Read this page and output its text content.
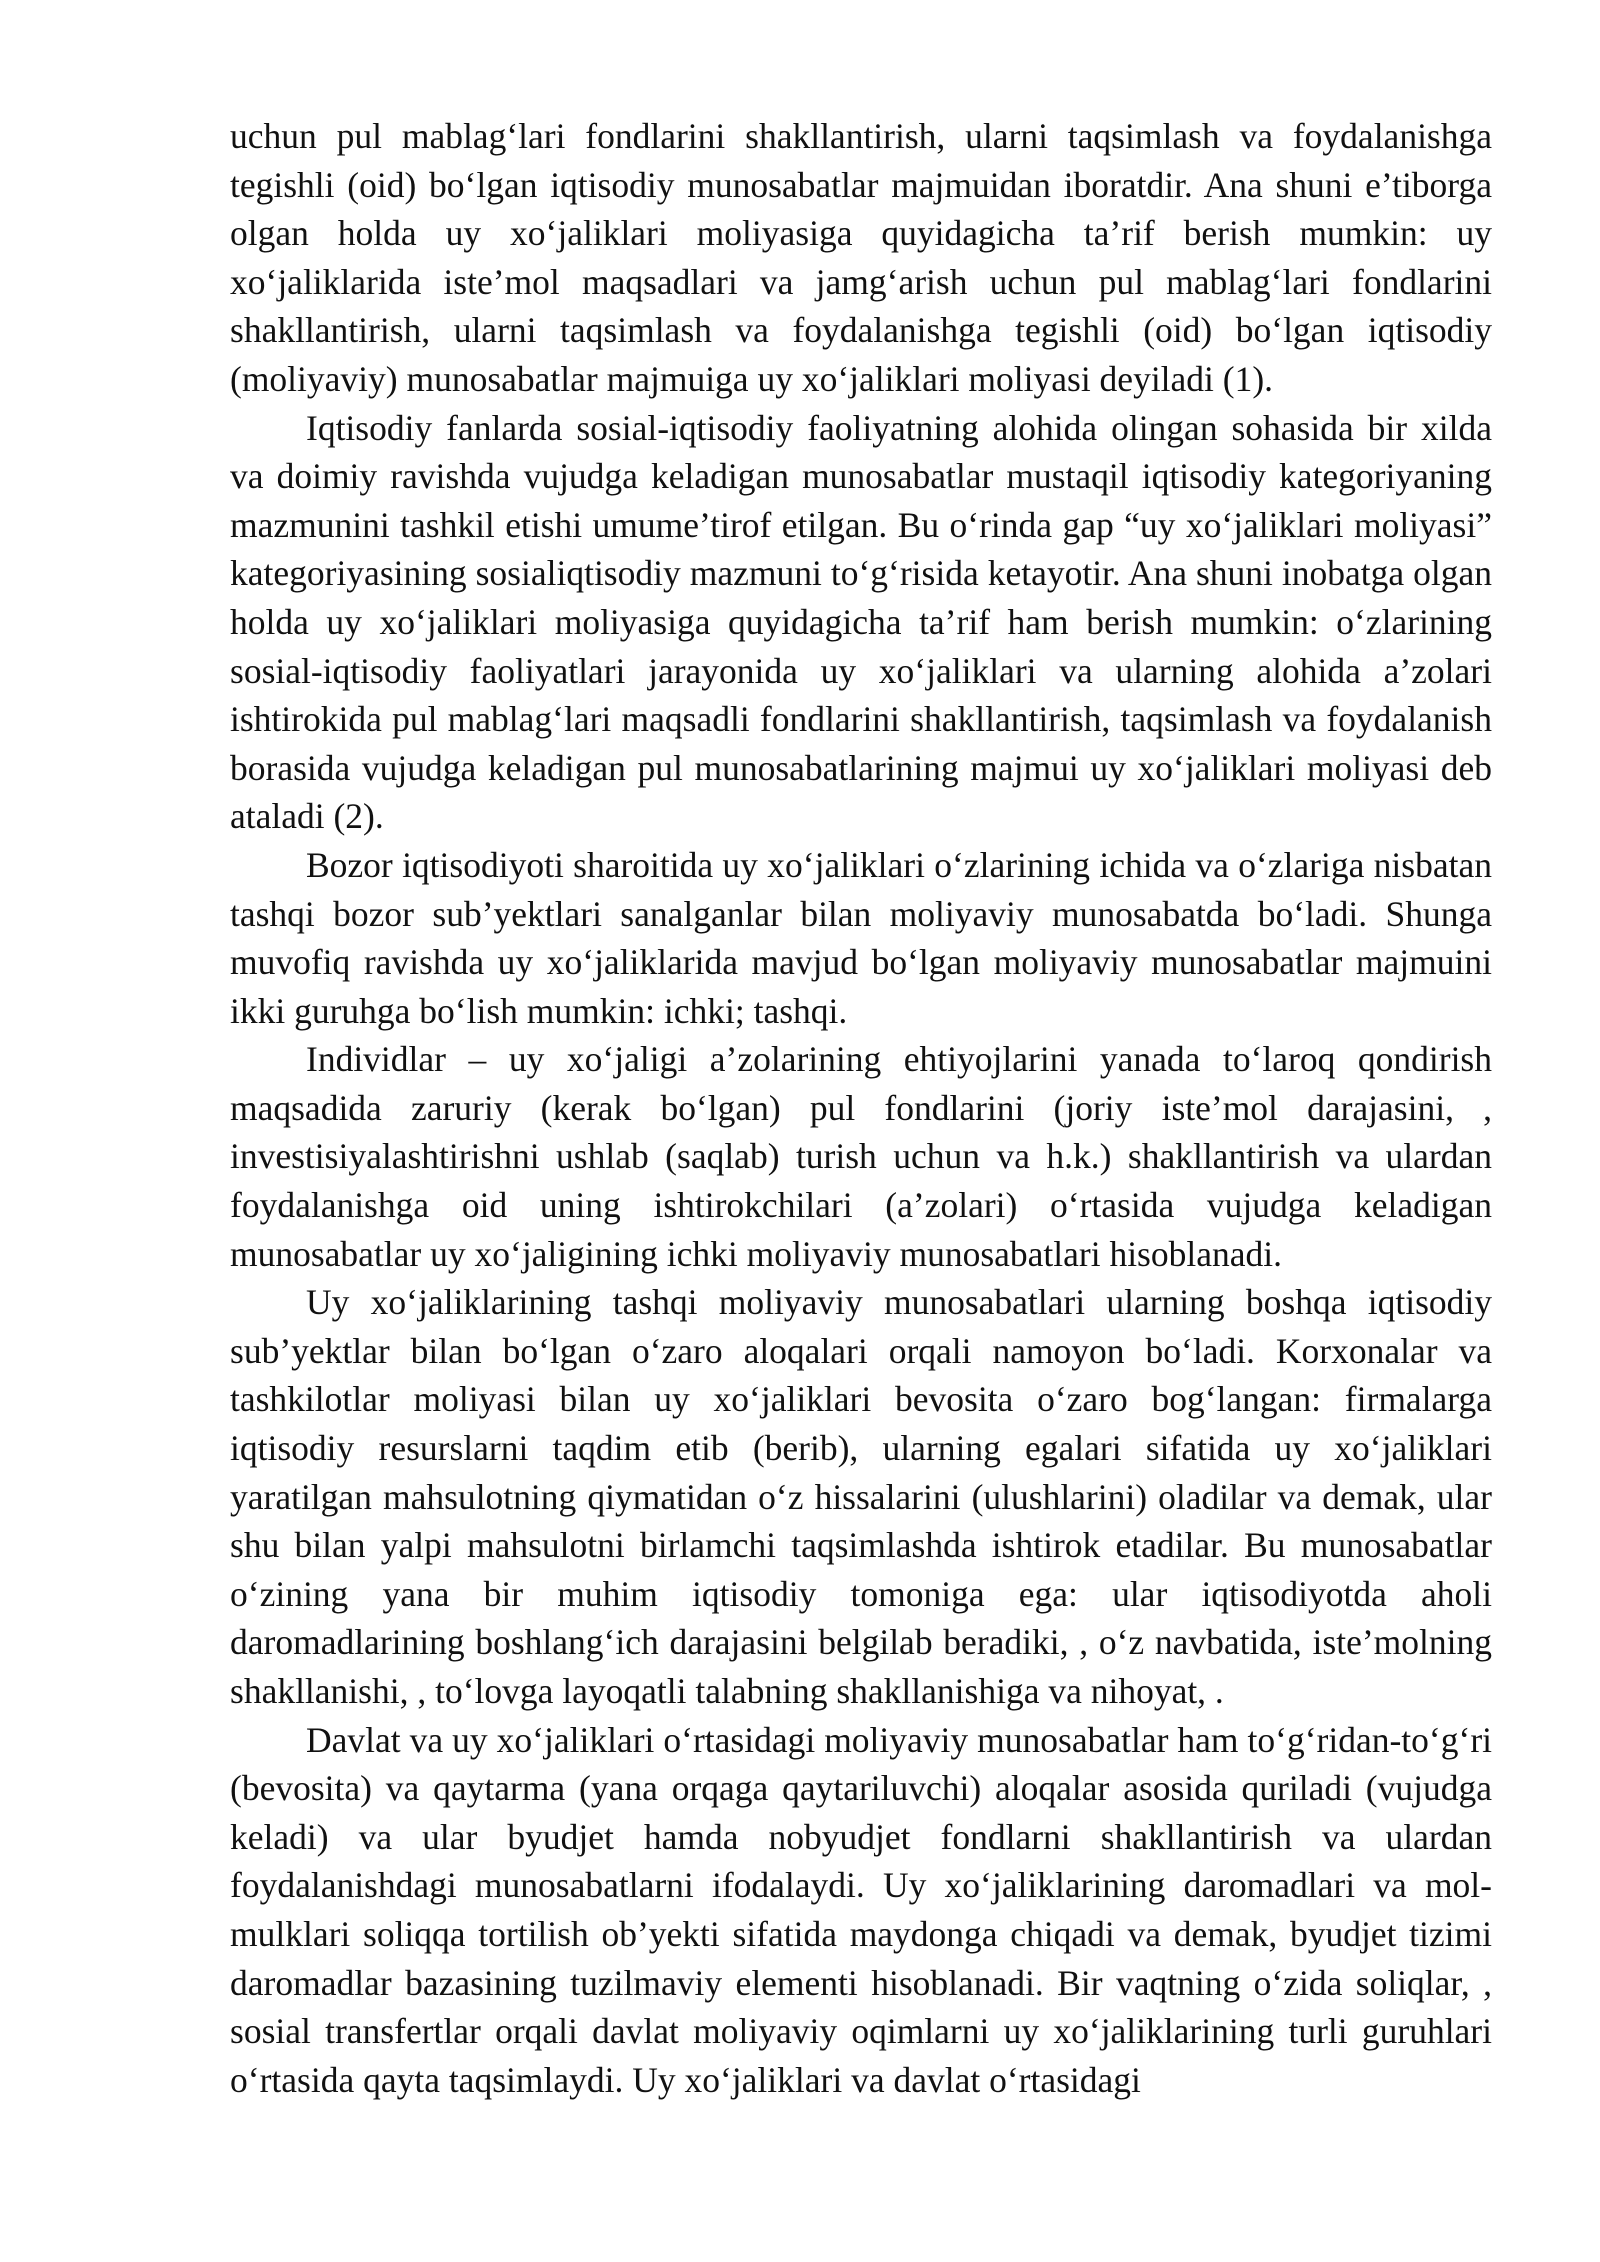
uchun pul mablag‘lari fondlarini shakllantirish, ularni taqsimlash va foydalanishga tegishli (oid) bo‘lgan iqtisodiy munosabatlar majmuidan iboratdir. Ana shuni e’tiborga olgan holda uy xo‘jaliklari moliyasiga quyidagicha ta’rif berish mumkin: uy xo‘jaliklarida iste’mol maqsadlari va jamg‘arish uchun pul mablag‘lari fondlarini shakllantirish, ularni taqsimlash va foydalanishga tegishli (oid) bo‘lgan iqtisodiy (moliyaviy) munosabatlar majmuiga uy xo‘jaliklari moliyasi deyiladi (1).

Iqtisodiy fanlarda sosial-iqtisodiy faoliyatning alohida olingan sohasida bir xilda va doimiy ravishda vujudga keladigan munosabatlar mustaqil iqtisodiy kategoriyaning mazmunini tashkil etishi umume’tirof etilgan. Bu o‘rinda gap “uy xo‘jaliklari moliyasi” kategoriyasining sosialiqtisodiy mazmuni to‘g‘risida ketayotir. Ana shuni inobatga olgan holda uy xo‘jaliklari moliyasiga quyidagicha ta’rif ham berish mumkin: o‘zlarining sosial-iqtisodiy faoliyatlari jarayonida uy xo‘jaliklari va ularning alohida a’zolari ishtirokida pul mablag‘lari maqsadli fondlarini shakllantirish, taqsimlash va foydalanish borasida vujudga keladigan pul munosabatlarining majmui uy xo‘jaliklari moliyasi deb ataladi (2).

Bozor iqtisodiyoti sharoitida uy xo‘jaliklari o‘zlarining ichida va o‘zlariga nisbatan tashqi bozor sub’yektlari sanalganlar bilan moliyaviy munosabatda bo‘ladi. Shunga muvofiq ravishda uy xo‘jaliklarida mavjud bo‘lgan moliyaviy munosabatlar majmuini ikki guruhga bo‘lish mumkin: ichki; tashqi.

Individlar – uy xo‘jaligi a’zolarining ehtiyojlarini yanada to‘laroq qondirish maqsadida zaruriy (kerak bo‘lgan) pul fondlarini (joriy iste’mol darajasini, , investisiyalashtirishni ushlab (saqlab) turish uchun va h.k.) shakllantirish va ulardan foydalanishga oid uning ishtirokchilari (a’zolari) o‘rtasida vujudga keladigan munosabatlar uy xo‘jaligining ichki moliyaviy munosabatlari hisoblanadi.

Uy xo‘jaliklarining tashqi moliyaviy munosabatlari ularning boshqa iqtisodiy sub’yektlar bilan bo‘lgan o‘zaro aloqalari orqali namoyon bo‘ladi. Korxonalar va tashkilotlar moliyasi bilan uy xo‘jaliklari bevosita o‘zaro bog‘langan: firmalarga iqtisodiy resurslarni taqdim etib (berib), ularning egalari sifatida uy xo‘jaliklari yaratilgan mahsulotning qiymatidan o‘z hissalarini (ulushlarini) oladilar va demak, ular shu bilan yalpi mahsulotni birlamchi taqsimlashda ishtirok etadilar. Bu munosabatlar o‘zining yana bir muhim iqtisodiy tomoniga ega: ular iqtisodiyotda aholi daromadlarining boshlang‘ich darajasini belgilab beradiki, , o‘z navbatida, iste’molning shakllanishi, , to‘lovga layoqatli talabning shakllanishiga va nihoyat, .

Davlat va uy xo‘jaliklari o‘rtasidagi moliyaviy munosabatlar ham to‘g‘ridan-to‘g‘ri (bevosita) va qaytarma (yana orqaga qaytariluvchi) aloqalar asosida quriladi (vujudga keladi) va ular byudjet hamda nobyudjet fondlarni shakllantirish va ulardan foydalanishdagi munosabatlarni ifodalaydi. Uy xo‘jaliklarining daromadlari va mol-mulklari soliqqa tortilish ob’yekti sifatida maydonga chiqadi va demak, byudjet tizimi daromadlar bazasining tuzilmaviy elementi hisoblanadi. Bir vaqtning o‘zida soliqlar, , sosial transfertlar orqali davlat moliyaviy oqimlarni uy xo‘jaliklarining turli guruhlari o‘rtasida qayta taqsimlaydi. Uy xo‘jaliklari va davlat o‘rtasidagi
